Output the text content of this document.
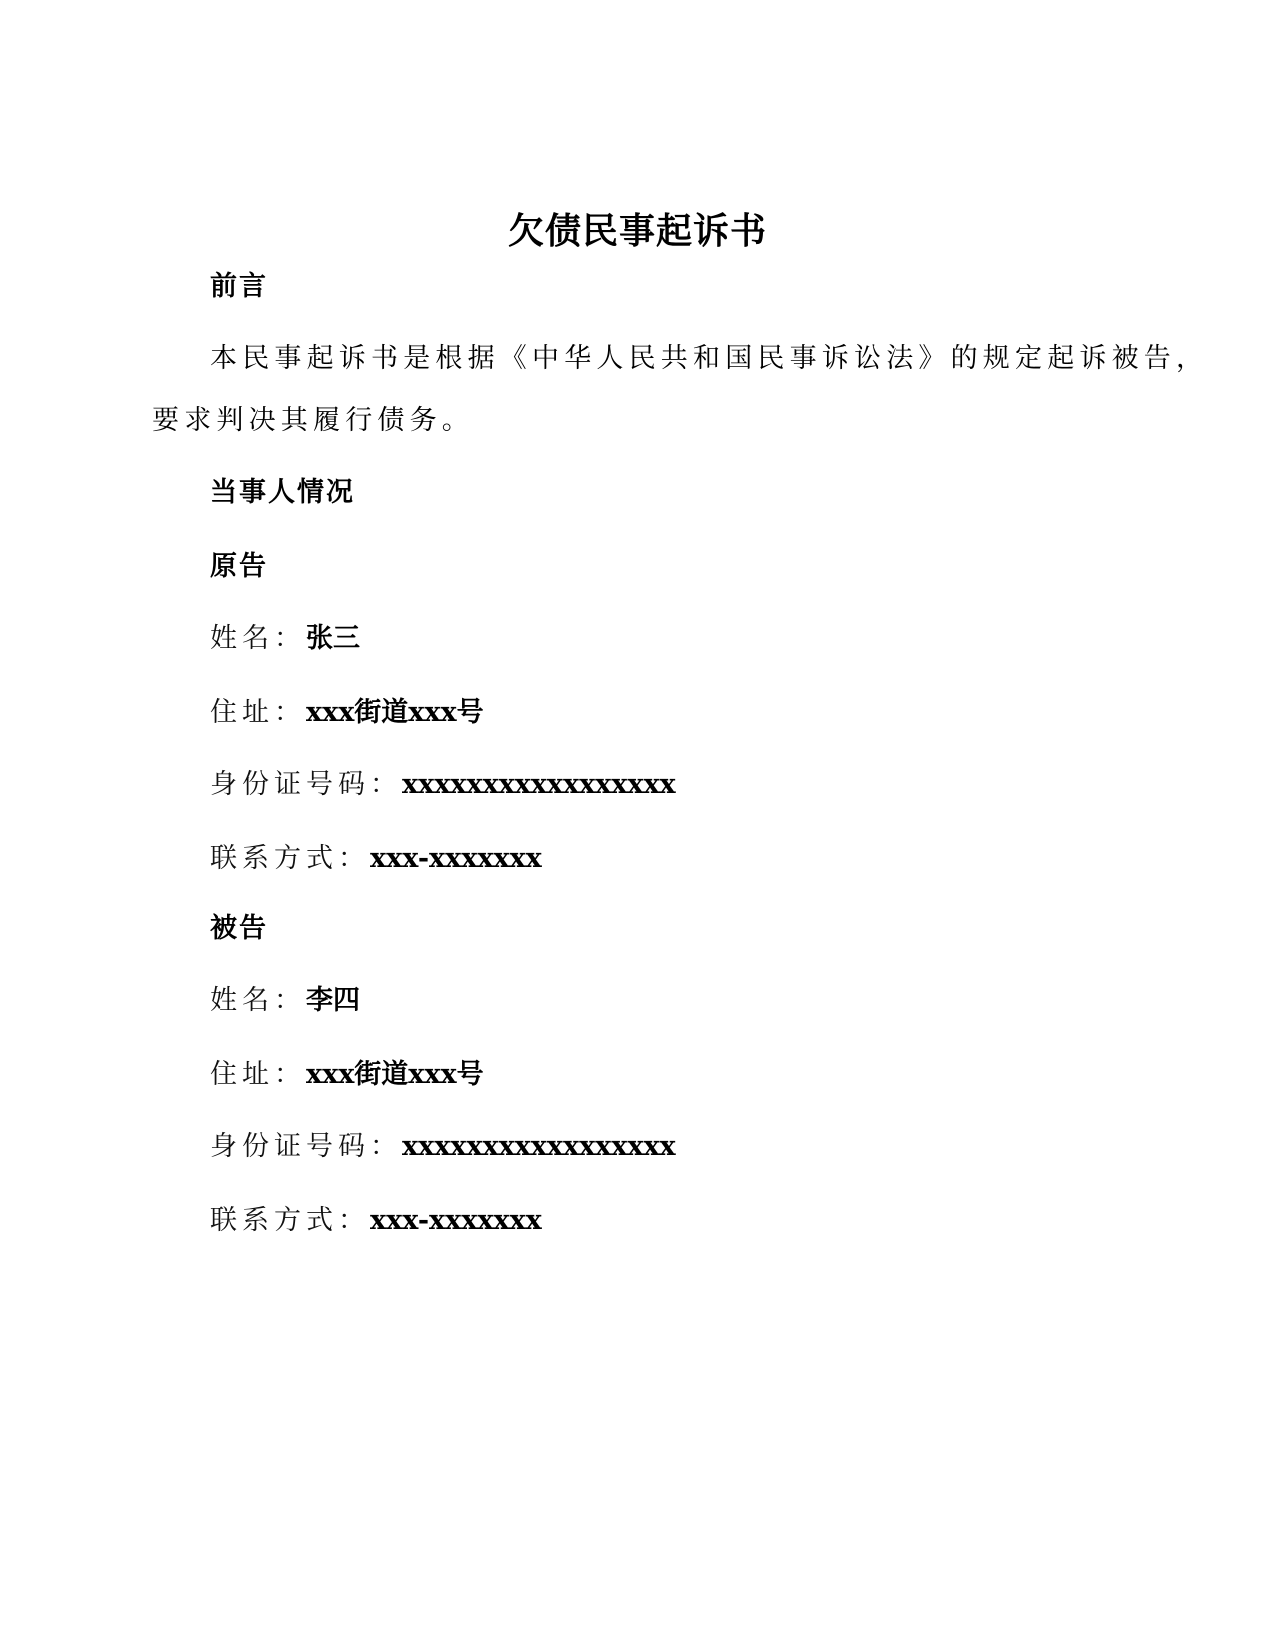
欠债民事起诉书
前言
本民事起诉书是根据《中华人民共和国民事诉讼法》的规定起诉被告，
要求判决其履行债务。
当事人情况
原告
姓名：张三
住址：xxx街道xxx号
身份证号码：xxxxxxxxxxxxxxxxx
联系方式：xxx-xxxxxxx
被告
姓名：李四
住址：xxx街道xxx号
身份证号码：xxxxxxxxxxxxxxxxx
联系方式：xxx-xxxxxxx
